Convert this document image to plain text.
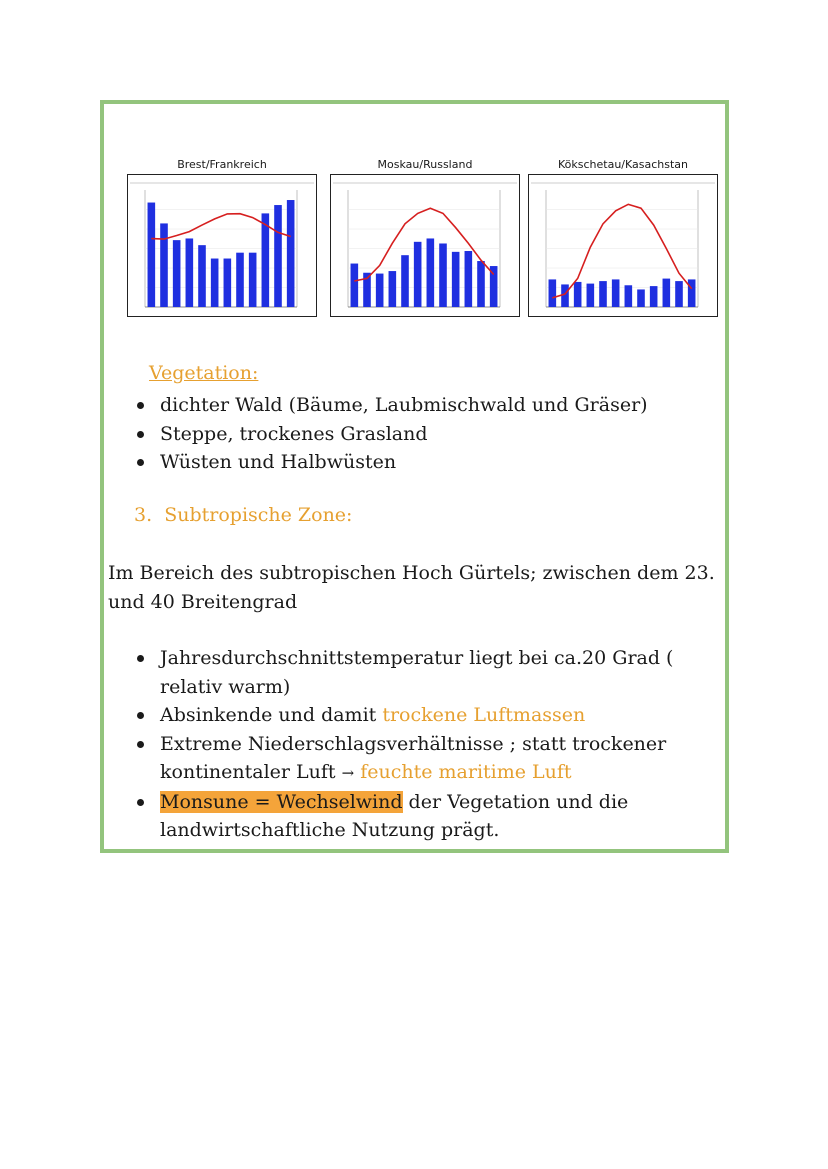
Brest/Frankreich	Moskau/Russland	Kökschetau/Kasachstan
Vegetation:
dichter Wald (Bäume, Laubmischwald und Gräser)
Steppe, trockenes Grasland
Wüsten und Halbwüsten
3.  Subtropische Zone:
Im Bereich des subtropischen Hoch Gürtels; zwischen dem 23.
und 40 Breitengrad
Jahresdurchschnittstemperatur liegt bei ca.20 Grad (
relativ warm)
Absinkende und damit trockene Luftmassen
Extreme Niederschlagsverhältnisse ; statt trockener
kontinentaler Luft → feuchte maritime Luft
Monsune = Wechselwind der Vegetation und die
landwirtschaftliche Nutzung prägt.
